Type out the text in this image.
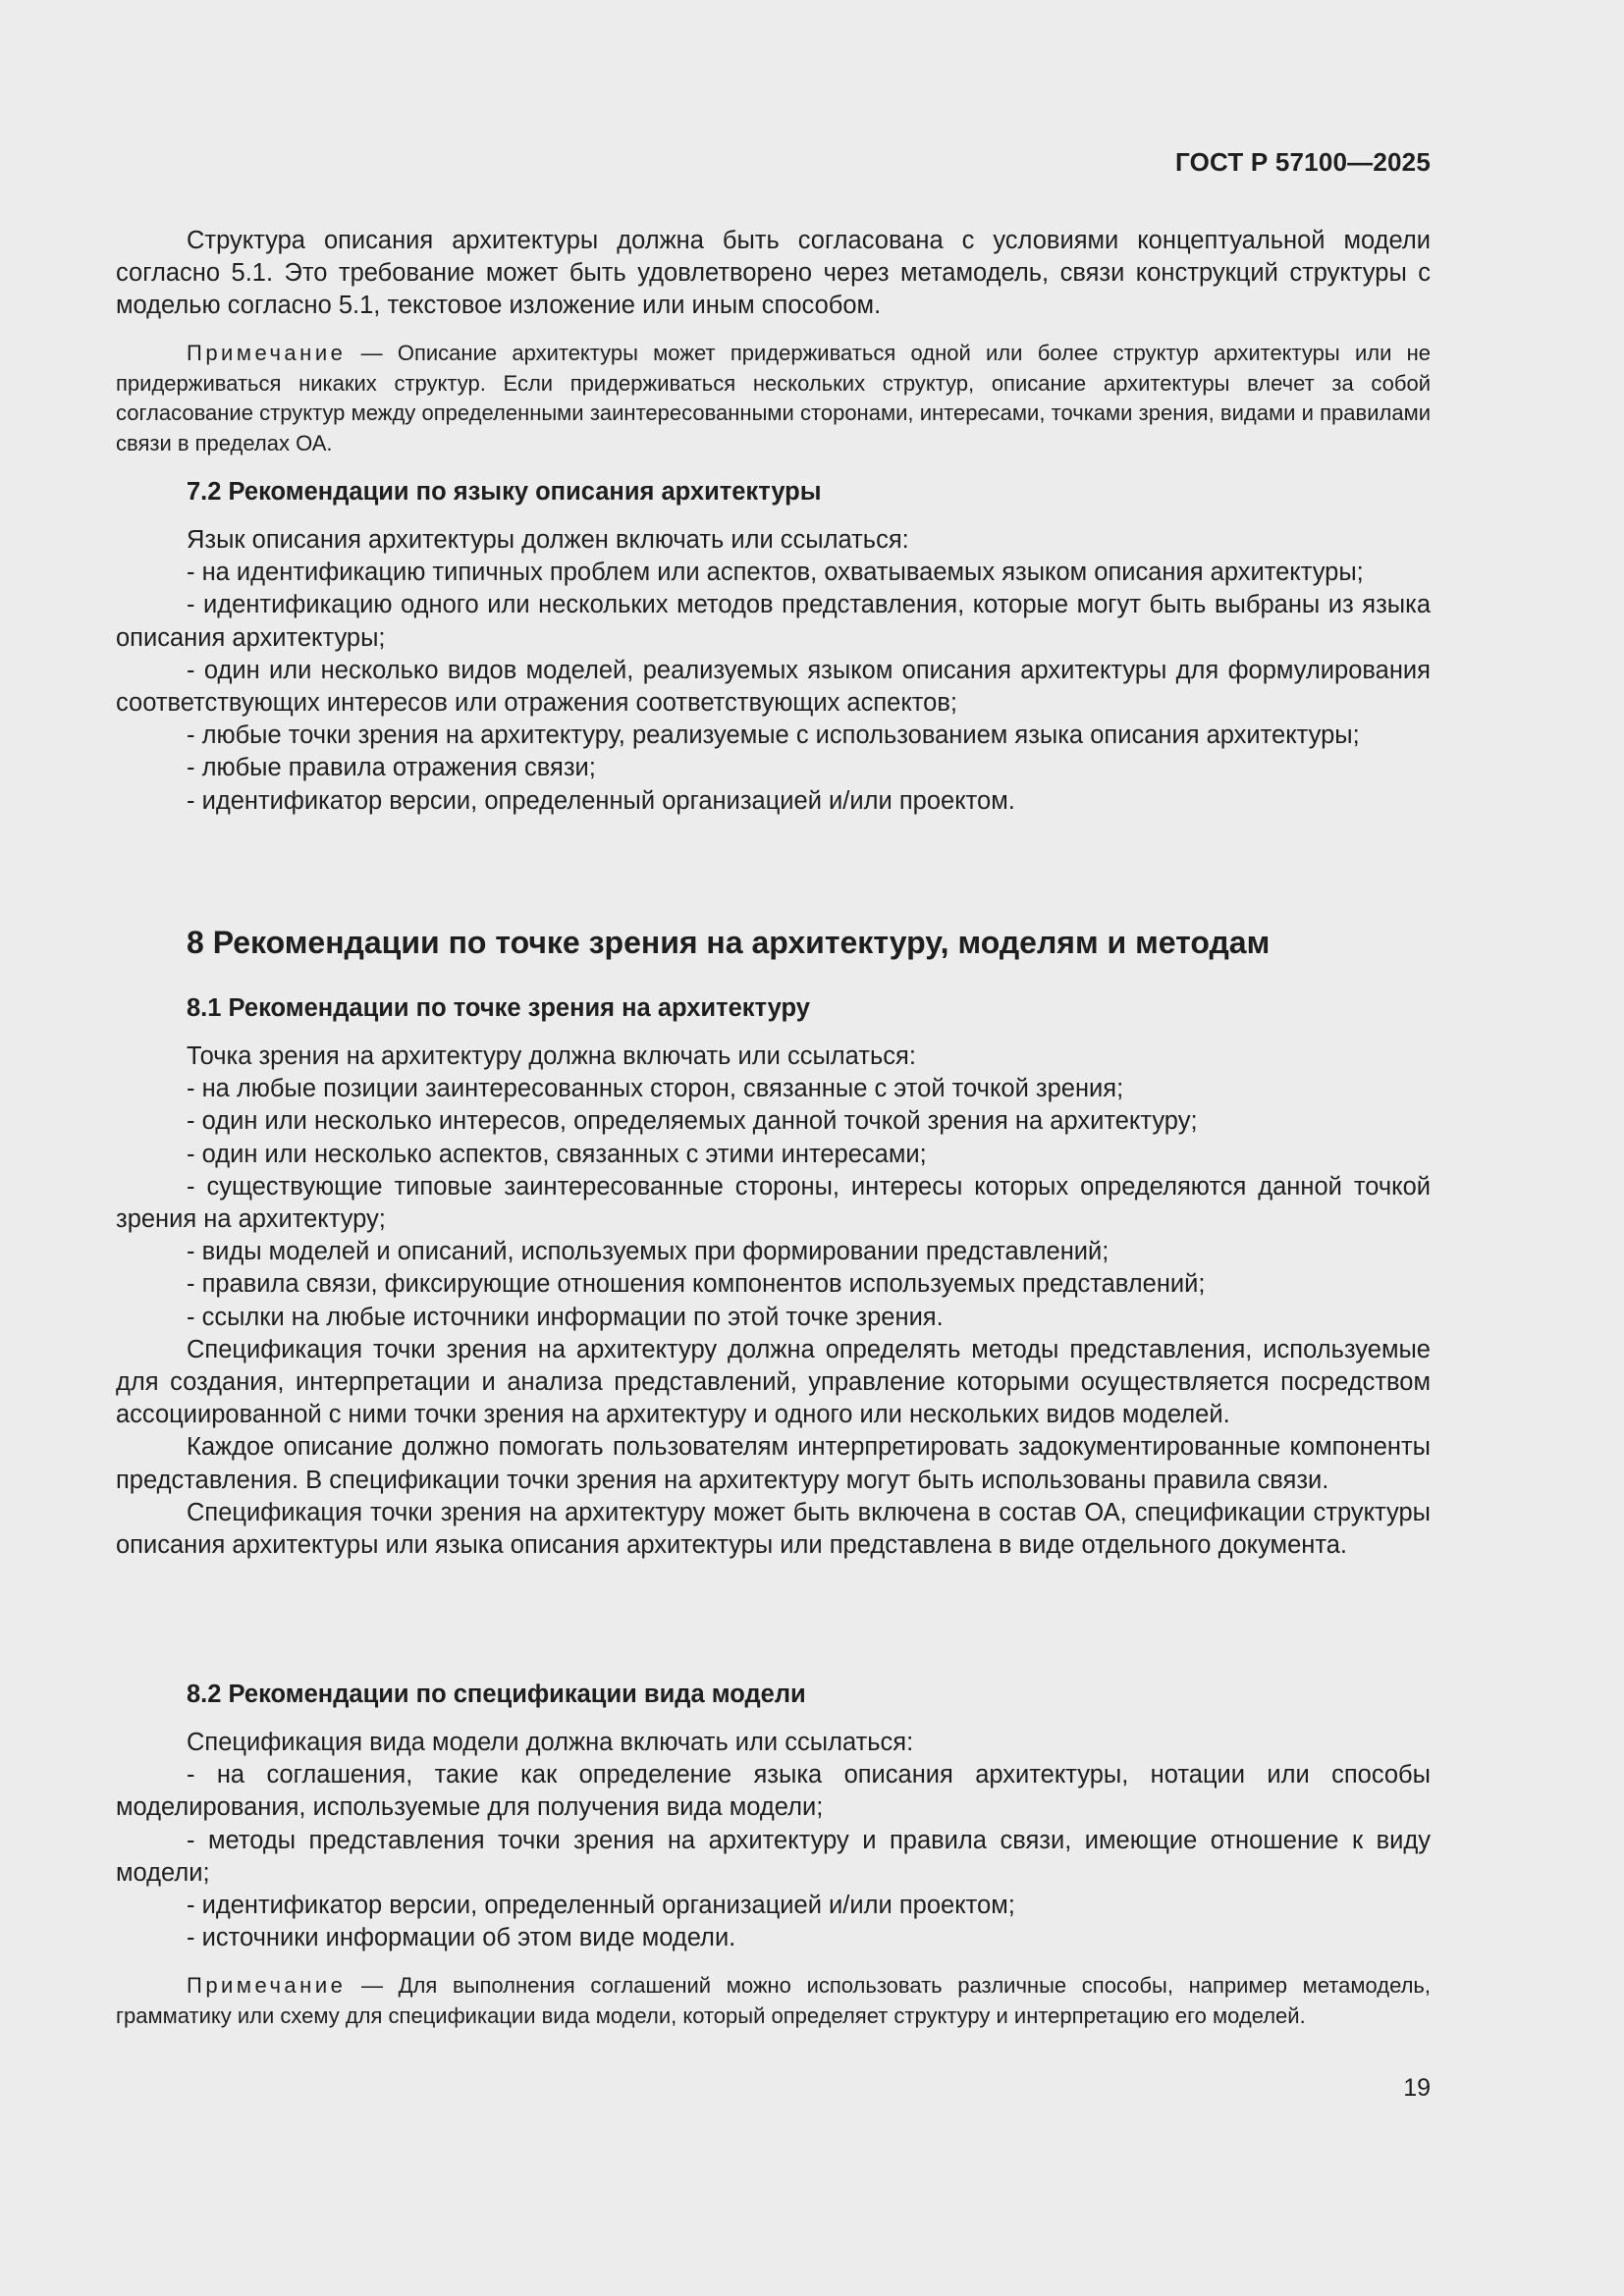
ГОСТ Р 57100—2025

Структура описания архитектуры должна быть согласована с условиями концептуальной модели согласно 5.1. Это требование может быть удовлетворено через метамодель, связи конструкций структуры с моделью согласно 5.1, текстовое изложение или иным способом.

Примечание — Описание архитектуры может придерживаться одной или более структур архитектуры или не придерживаться никаких структур. Если придерживаться нескольких структур, описание архитектуры влечет за собой согласование структур между определенными заинтересованными сторонами, интересами, точками зрения, видами и правилами связи в пределах ОА.

7.2 Рекомендации по языку описания архитектуры

Язык описания архитектуры должен включать или ссылаться:

- на идентификацию типичных проблем или аспектов, охватываемых языком описания архитектуры;

- идентификацию одного или нескольких методов представления, которые могут быть выбраны из языка описания архитектуры;

- один или несколько видов моделей, реализуемых языком описания архитектуры для формулирования соответствующих интересов или отражения соответствующих аспектов;

- любые точки зрения на архитектуру, реализуемые с использованием языка описания архитектуры;

- любые правила отражения связи;

- идентификатор версии, определенный организацией и/или проектом.

8 Рекомендации по точке зрения на архитектуру, моделям и методам
8.1 Рекомендации по точке зрения на архитектуру

Точка зрения на архитектуру должна включать или ссылаться:

- на любые позиции заинтересованных сторон, связанные с этой точкой зрения;

- один или несколько интересов, определяемых данной точкой зрения на архитектуру;

- один или несколько аспектов, связанных с этими интересами;

- существующие типовые заинтересованные стороны, интересы которых определяются данной точкой зрения на архитектуру;

- виды моделей и описаний, используемых при формировании представлений;

- правила связи, фиксирующие отношения компонентов используемых представлений;

- ссылки на любые источники информации по этой точке зрения.

Спецификация точки зрения на архитектуру должна определять методы представления, используемые для создания, интерпретации и анализа представлений, управление которыми осуществляется посредством ассоциированной с ними точки зрения на архитектуру и одного или нескольких видов моделей.

Каждое описание должно помогать пользователям интерпретировать задокументированные компоненты представления. В спецификации точки зрения на архитектуру могут быть использованы правила связи.

Спецификация точки зрения на архитектуру может быть включена в состав ОА, спецификации структуры описания архитектуры или языка описания архитектуры или представлена в виде отдельного документа.

8.2 Рекомендации по спецификации вида модели

Спецификация вида модели должна включать или ссылаться:

- на соглашения, такие как определение языка описания архитектуры, нотации или способы моделирования, используемые для получения вида модели;

- методы представления точки зрения на архитектуру и правила связи, имеющие отношение к виду модели;

- идентификатор версии, определенный организацией и/или проектом;

- источники информации об этом виде модели.

Примечание — Для выполнения соглашений можно использовать различные способы, например метамодель, грамматику или схему для спецификации вида модели, который определяет структуру и интерпретацию его моделей.

19
